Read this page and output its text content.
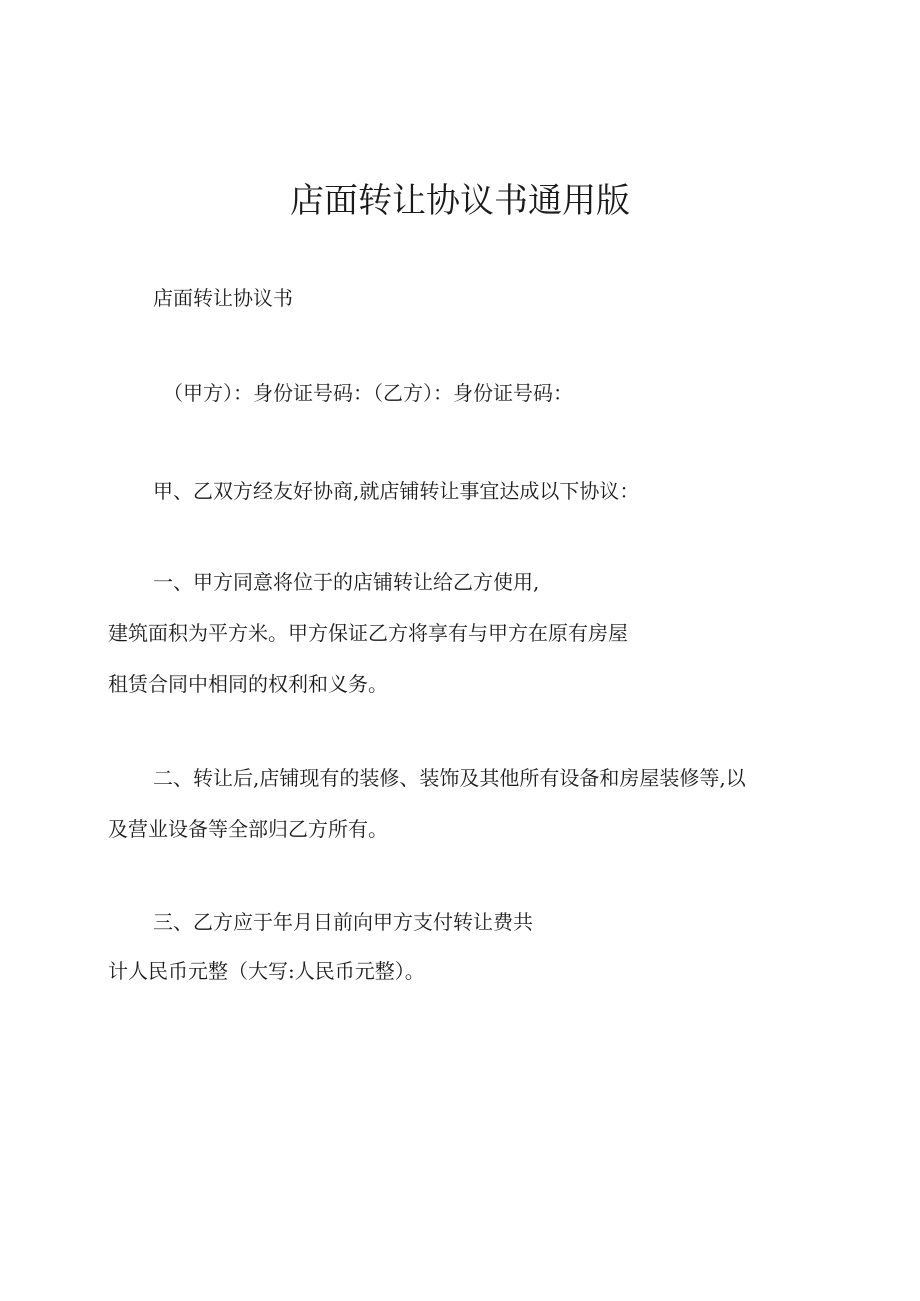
店面转让协议书通用版

店面转让协议书

（甲方）：身份证号码：（乙方）：身份证号码：

甲、乙双方经友好协商,就店铺转让事宜达成以下协议：

一、甲方同意将位于的店铺转让给乙方使用,

建筑面积为平方米。甲方保证乙方将享有与甲方在原有房屋

租赁合同中相同的权利和义务。

二、转让后,店铺现有的装修、装饰及其他所有设备和房屋装修等,以

及营业设备等全部归乙方所有。

三、乙方应于年月日前向甲方支付转让费共

计人民币元整（大写:人民币元整）。
